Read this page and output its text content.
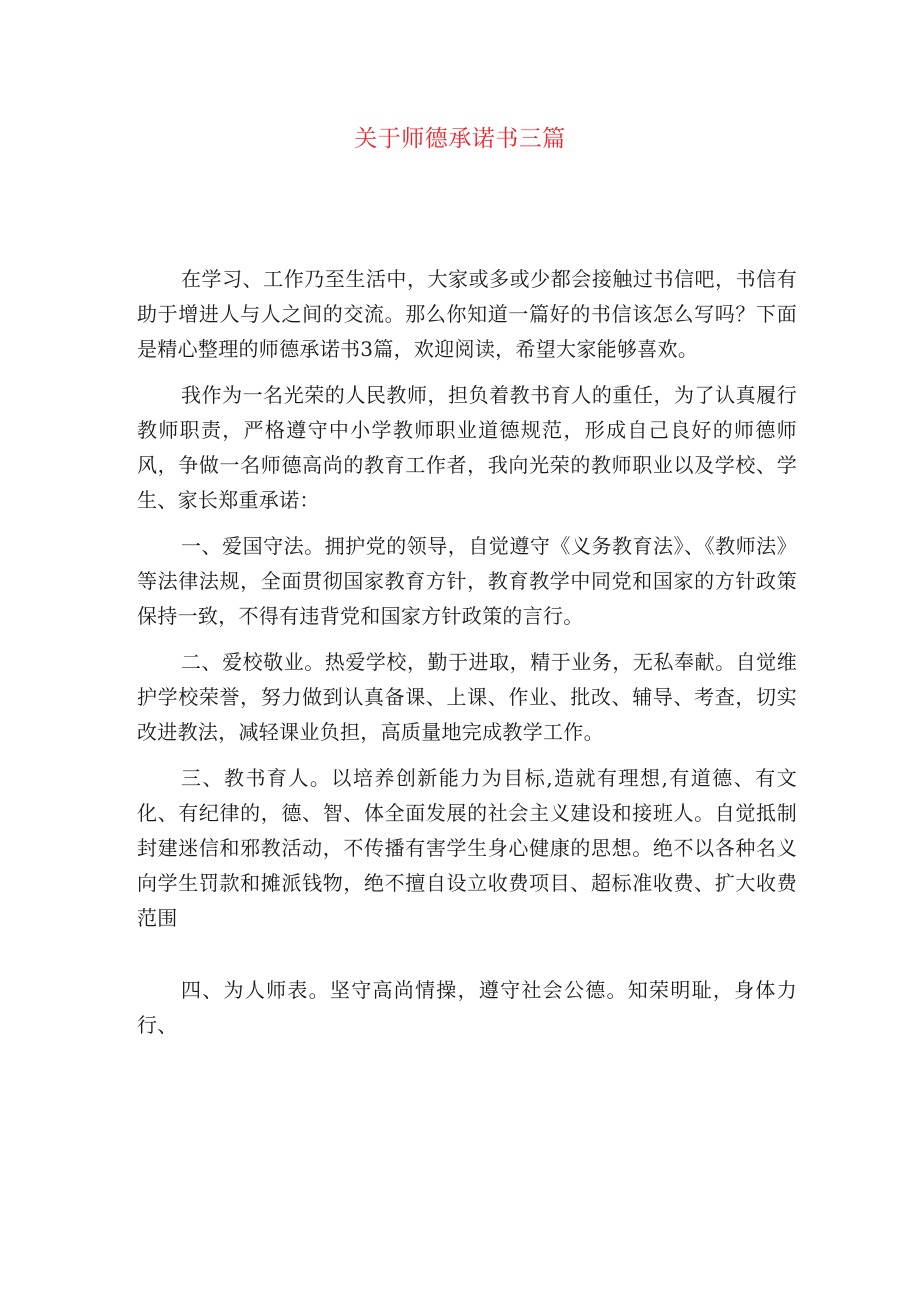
关于师德承诺书三篇

在学习、工作乃至生活中，大家或多或少都会接触过书信吧，书信有助于增进人与人之间的交流。那么你知道一篇好的书信该怎么写吗？下面是精心整理的师德承诺书3篇，欢迎阅读，希望大家能够喜欢。

我作为一名光荣的人民教师，担负着教书育人的重任，为了认真履行教师职责，严格遵守中小学教师职业道德规范，形成自己良好的师德师风，争做一名师德高尚的教育工作者，我向光荣的教师职业以及学校、学生、家长郑重承诺：

一、爱国守法。拥护党的领导，自觉遵守《义务教育法》、《教师法》等法律法规，全面贯彻国家教育方针，教育教学中同党和国家的方针政策保持一致，不得有违背党和国家方针政策的言行。

二、爱校敬业。热爱学校，勤于进取，精于业务，无私奉献。自觉维护学校荣誉，努力做到认真备课、上课、作业、批改、辅导、考查，切实改进教法，减轻课业负担，高质量地完成教学工作。

三、教书育人。以培养创新能力为目标,造就有理想,有道德、有文化、有纪律的，德、智、体全面发展的社会主义建设和接班人。自觉抵制封建迷信和邪教活动，不传播有害学生身心健康的思想。绝不以各种名义向学生罚款和摊派钱物，绝不擅自设立收费项目、超标准收费、扩大收费范围

四、为人师表。坚守高尚情操，遵守社会公德。知荣明耻，身体力行、
